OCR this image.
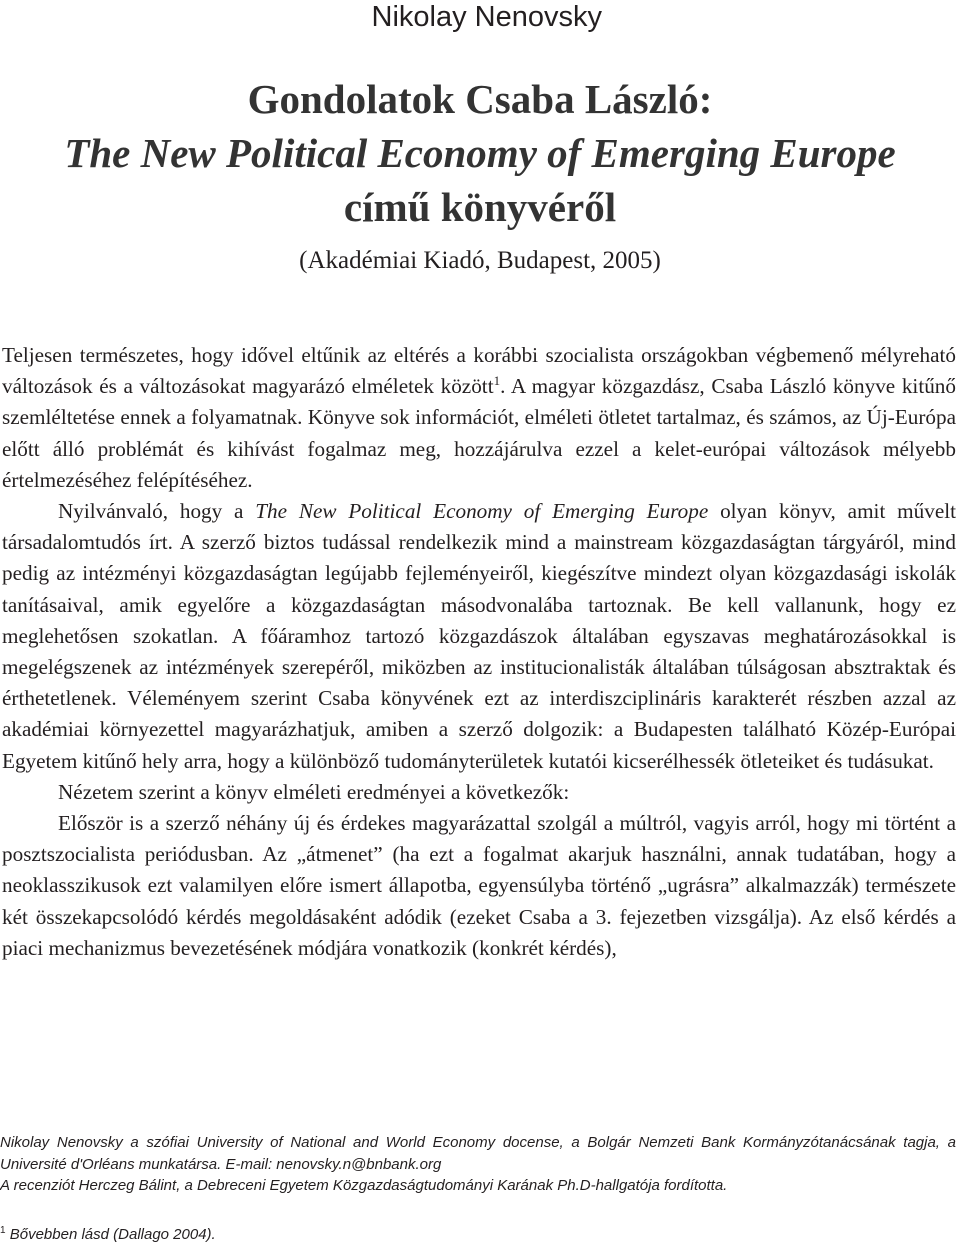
Nikolay Nenovsky
Gondolatok Csaba László:
The New Political Economy of Emerging Europe
című könyvéről
(Akadémiai Kiadó, Budapest, 2005)

Teljesen természetes, hogy idővel eltűnik az eltérés a korábbi szocialista országokban végbemenő mélyreható változások és a változásokat magyarázó elméletek között$^1$. A magyar közgazdász, Csaba László könyve kitűnő szemléltetése ennek a folyamatnak. Könyve sok információt, elméleti ötletet tartalmaz, és számos, az Új-Európa előtt álló problémát és kihívást fogalmaz meg, hozzájárulva ezzel a kelet-európai változások mélyebb értelmezéséhez felépítéséhez.

Nyilvánvaló, hogy a The New Political Economy of Emerging Europe olyan könyv, amit művelt társadalomtudós írt. A szerző biztos tudással rendelkezik mind a mainstream közgazdaságtan tárgyáról, mind pedig az intézményi közgazdaságtan legújabb fejleményeiről, kiegészítve mindezt olyan közgazdasági iskolák tanításaival, amik egyelőre a közgazdaságtan másodvonalába tartoznak. Be kell vallanunk, hogy ez meglehetősen szokatlan. A főáramhoz tartozó közgazdászok általában egyszavas meghatározásokkal is megelégszenek az intézmények szerepéről, miközben az institucionalisták általában túlságosan absztraktak és érthetetlenek. Véleményem szerint Csaba könyvének ezt az interdiszciplináris karakterét részben azzal az akadémiai környezettel magyarázhatjuk, amiben a szerző dolgozik: a Budapesten található Közép-Európai Egyetem kitűnő hely arra, hogy a különböző tudományterületek kutatói kicserélhessék ötleteiket és tudásukat.

Nézetem szerint a könyv elméleti eredményei a következők:

Először is a szerző néhány új és érdekes magyarázattal szolgál a múltról, vagyis arról, hogy mi történt a posztszocialista periódusban. Az „átmenet” (ha ezt a fogalmat akarjuk használni, annak tudatában, hogy a neoklasszikusok ezt valamilyen előre ismert állapotba, egyensúlyba történő „ugrásra” alkalmazzák) természete két összekapcsolódó kérdés megoldásaként adódik (ezeket Csaba a 3. fejezetben vizsgálja). Az első kérdés a piaci mechanizmus bevezetésének módjára vonatkozik (konkrét kérdés),

Nikolay Nenovsky a szófiai University of National and World Economy docense, a Bolgár Nemzeti Bank Kormányzótanácsának tagja, a Université d'Orléans munkatársa. E-mail: nenovsky.n@bnbank.org

A recenziót Herczeg Bálint, a Debreceni Egyetem Közgazdaságtudományi Karának Ph.D-hallgatója fordította.

$^1$ Bővebben lásd (Dallago 2004).
